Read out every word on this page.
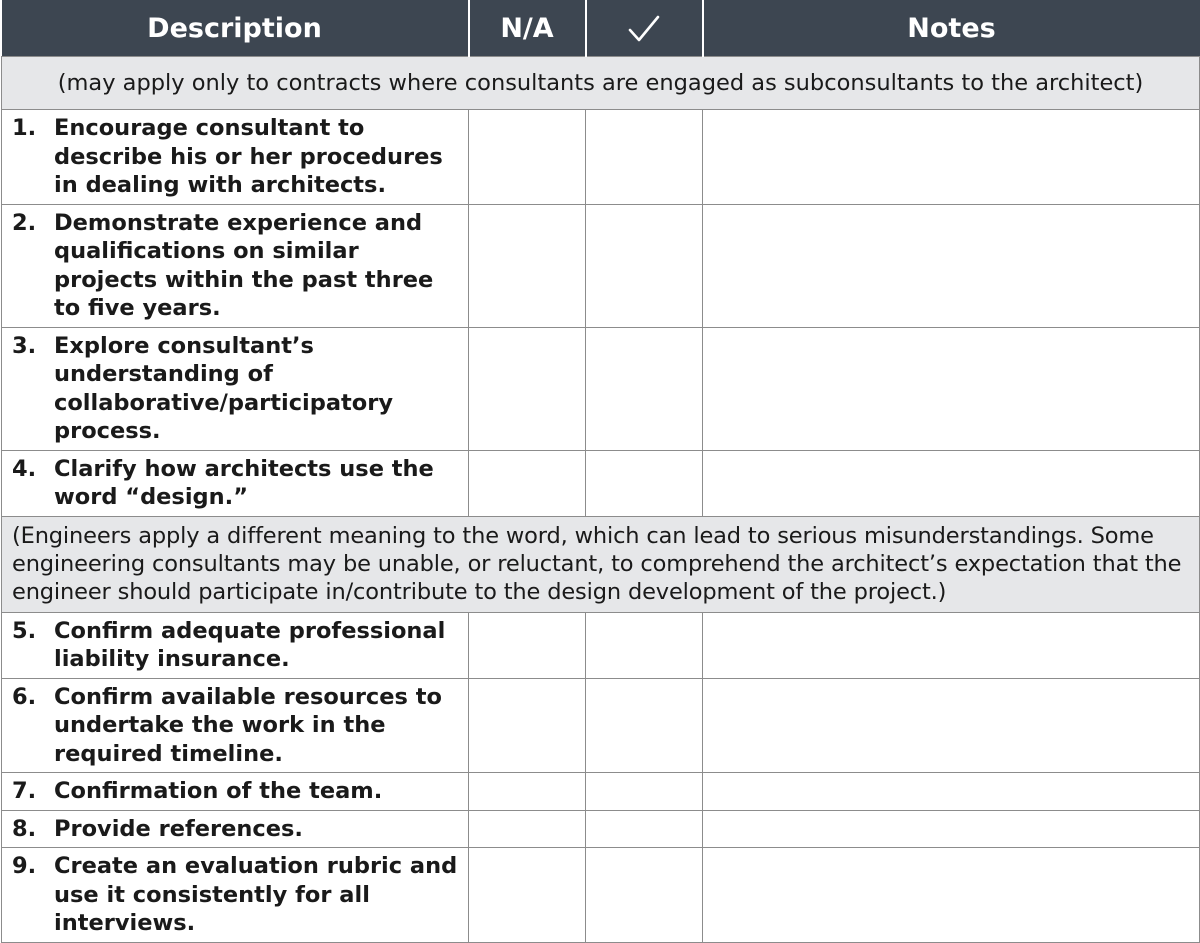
Description	N/A		Notes
(may apply only to contracts where consultants are engaged as subconsultants to the architect)			

1. Encourage consultant to describe his or her procedures in dealing with architects.			

2. Demonstrate experience and qualifications on similar projects within the past three to five years.			

3. Explore consultant’s understanding of collaborative/participatory process.			

4. Clarify how architects use the word “design.”			

(Engineers apply a different meaning to the word, which can lead to serious misunderstandings. Some engineering consultants may be unable, or reluctant, to comprehend the architect’s expectation that the engineer should participate in/contribute to the design development of the project.)			

5. Confirm adequate professional liability insurance.			

6. Confirm available resources to undertake the work in the required timeline.			

7. Confirmation of the team.			

8. Provide references.			

9. Create an evaluation rubric and use it consistently for all interviews.			
